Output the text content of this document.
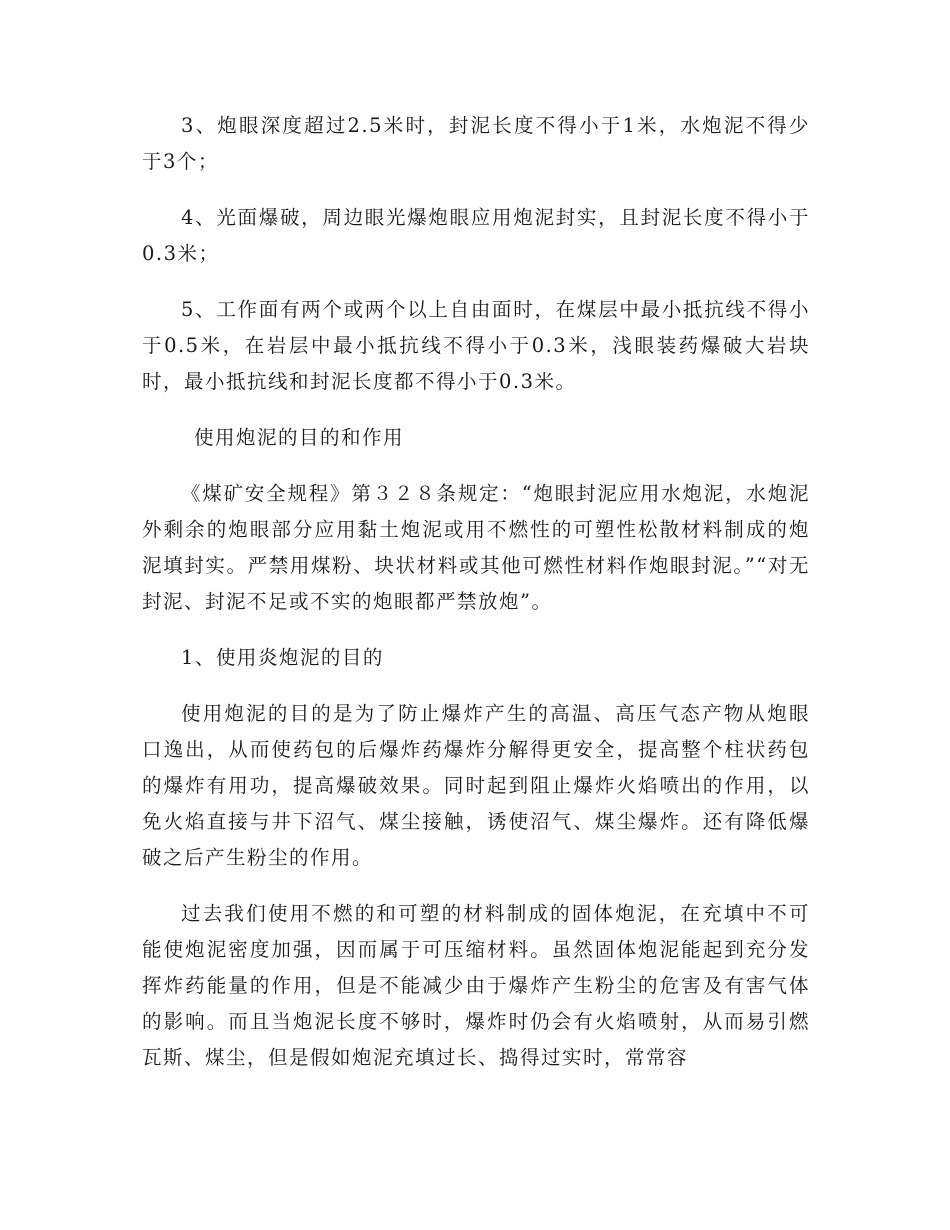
3、炮眼深度超过2.5米时，封泥长度不得小于1米，水炮泥不得少于3个；

4、光面爆破，周边眼光爆炮眼应用炮泥封实，且封泥长度不得小于0.3米；

5、工作面有两个或两个以上自由面时，在煤层中最小抵抗线不得小于0.5米，在岩层中最小抵抗线不得小于0.3米，浅眼装药爆破大岩块时，最小抵抗线和封泥长度都不得小于0.3米。

使用炮泥的目的和作用

《煤矿安全规程》第３２８条规定：“炮眼封泥应用水炮泥，水炮泥外剩余的炮眼部分应用黏土炮泥或用不燃性的可塑性松散材料制成的炮泥填封实。严禁用煤粉、块状材料或其他可燃性材料作炮眼封泥。”“对无封泥、封泥不足或不实的炮眼都严禁放炮”。

1、使用炎炮泥的目的

使用炮泥的目的是为了防止爆炸产生的高温、高压气态产物从炮眼口逸出，从而使药包的后爆炸药爆炸分解得更安全，提高整个柱状药包的爆炸有用功，提高爆破效果。同时起到阻止爆炸火焰喷出的作用，以免火焰直接与井下沼气、煤尘接触，诱使沼气、煤尘爆炸。还有降低爆破之后产生粉尘的作用。

过去我们使用不燃的和可塑的材料制成的固体炮泥，在充填中不可能使炮泥密度加强，因而属于可压缩材料。虽然固体炮泥能起到充分发挥炸药能量的作用，但是不能减少由于爆炸产生粉尘的危害及有害气体的影响。而且当炮泥长度不够时，爆炸时仍会有火焰喷射，从而易引燃瓦斯、煤尘，但是假如炮泥充填过长、捣得过实时，常常容
